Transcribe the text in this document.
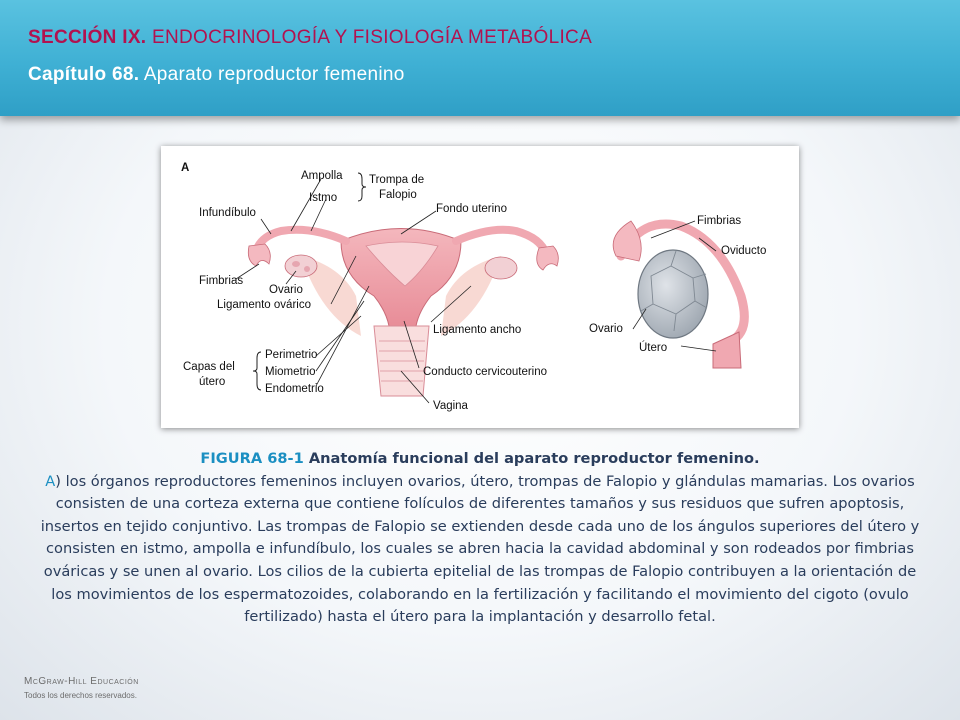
SECCIÓN IX. ENDOCRINOLOGÍA Y FISIOLOGÍA METABÓLICA
Capítulo 68. Aparato reproductor femenino
A
Ampolla Trompa de
Falopio
Infundíbulo
Istmo
Fondo uterino
Fimbrias
Ovario
Ligamento ovárico
Ligamento ancho
Capas del
útero
Perimetrio
Miometrio
Endometrio
Conducto cervicouterino
Vagina
Fimbrias
Oviducto
Ovario
Útero
FIGURA 68-1 Anatomía funcional del aparato reproductor femenino.
A) los órganos reproductores femeninos incluyen ovarios, útero, trompas de Falopio y glándulas mamarias. Los ovarios consisten de una corteza externa que contiene folículos de diferentes tamaños y sus residuos que sufren apoptosis, insertos en tejido conjuntivo. Las trompas de Falopio se extienden desde cada uno de los ángulos superiores del útero y consisten en istmo, ampolla e infundíbulo, los cuales se abren hacia la cavidad abdominal y son rodeados por fimbrias ováricas y se unen al ovario. Los cilios de la cubierta epitelial de las trompas de Falopio contribuyen a la orientación de los movimientos de los espermatozoides, colaborando en la fertilización y facilitando el movimiento del cigoto (ovulo fertilizado) hasta el útero para la implantación y desarrollo fetal.
McGraw-Hill Educación
Todos los derechos reservados.
